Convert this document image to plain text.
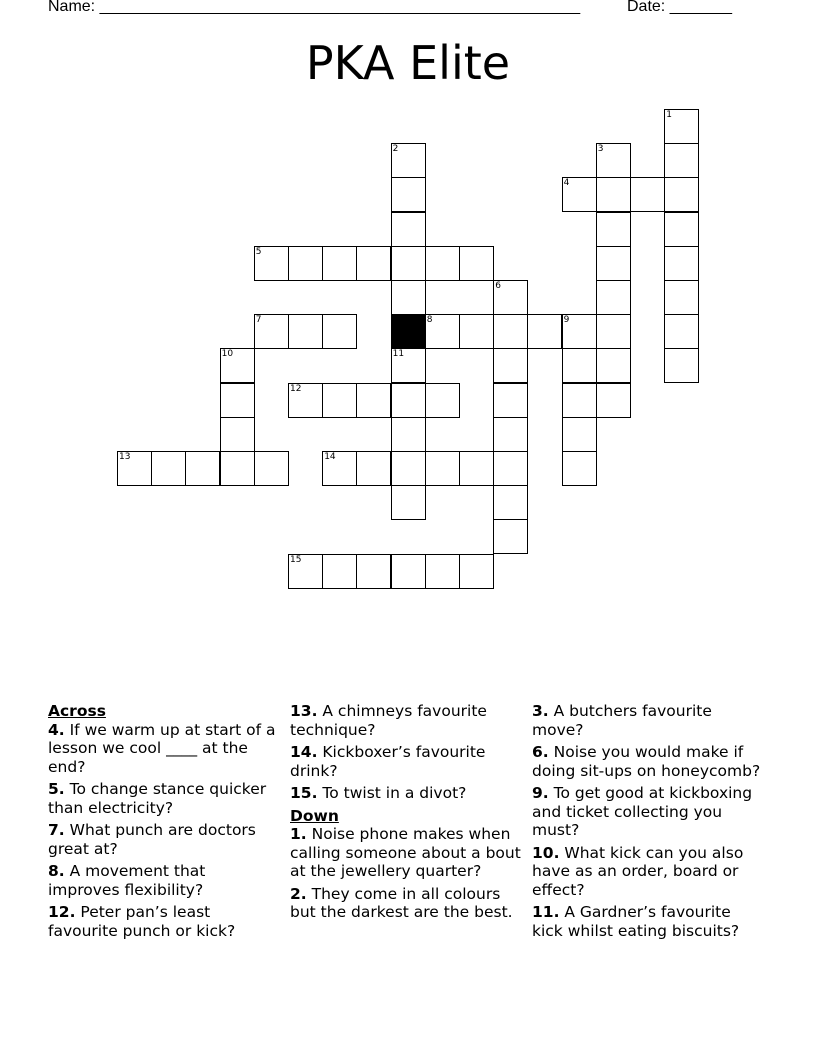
Name: ______________________________________________________	Date: _______
PKA Elite
1
2
11
3
4
5
6
7	8	9
10
12
13	14
15

Across

4. If we warm up at start of a lesson we cool ____ at the end?

5. To change stance quicker than electricity?

7. What punch are doctors great at?

8. A movement that improves flexibility?

12. Peter pan’s least favourite punch or kick?

13. A chimneys favourite technique?

14. Kickboxer’s favourite drink?

15. To twist in a divot?

Down

1. Noise phone makes when calling someone about a bout at the jewellery quarter?

2. They come in all colours but the darkest are the best.

3. A butchers favourite move?

6. Noise you would make if doing sit-ups on honeycomb?

9. To get good at kickboxing and ticket collecting you must?

10. What kick can you also have as an order, board or effect?

11. A Gardner’s favourite kick whilst eating biscuits?
